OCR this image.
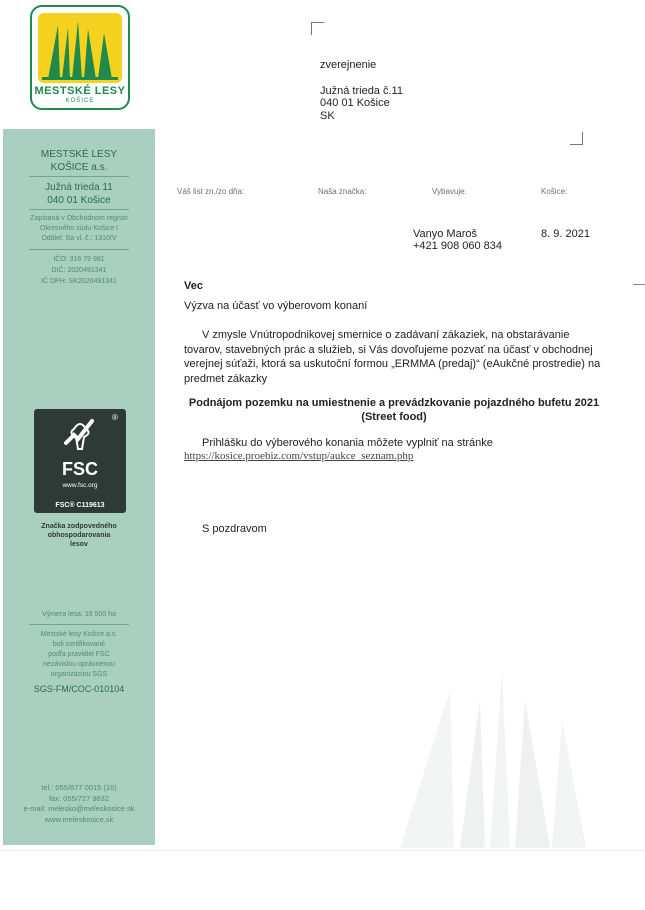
MESTSKÉ LESY
KOŠICE
MESTSKÉ LESY
KOŠICE a.s.
Južná trieda 11
040 01 Košice
Zapísaná v Obchodnom registri
Okresného súdu Košice I
Oddiel: Sa vl. č.: 1310/V
IČO: 316 79 981
DIČ: 2020491341
IČ DPH: SK2020491341
®
FSC
www.fsc.org
FSC® C119613
Značka zodpovedného
obhospodarovania
lesov
Výmera lesa: 19 500 ha
Mestské lesy Košice a.s.
boli certifikované
podľa pravidiel FSC
nezávislou oprávnenou
organizáciou SGS
SGS-FM/COC-010104
tel.: 055/677 0015 (16)
fax: 055/727 9632
e-mail: meleskо@meleskosice.sk
www.meleskosice.sk
zverejnenie
Južná trieda č.11
040 01 Košice
SK
Váš list zn./zo dňa:	Naša značka:	Vybavuje:	Košice:
Vanyo Maroš
+421 908 060 834
8. 9. 2021
Vec
Výzva na účasť vo výberovom konaní
V zmysle Vnútropodnikovej smernice o zadávaní zákaziek, na obstarávanie tovarov, stavebných prác a služieb, si Vás dovoľujeme pozvať na účasť v obchodnej verejnej súťaži, ktorá sa uskutoční formou „ERMMA (predaj)“ (eAukčné prostredie) na predmet zákazky
Podnájom pozemku na umiestnenie a prevádzkovanie pojazdného bufetu 2021 (Street food)
Prihlášku do výberového konania môžete vyplniť na stránke
https://kosice.proebiz.com/vstup/aukce_seznam.php
S pozdravom
